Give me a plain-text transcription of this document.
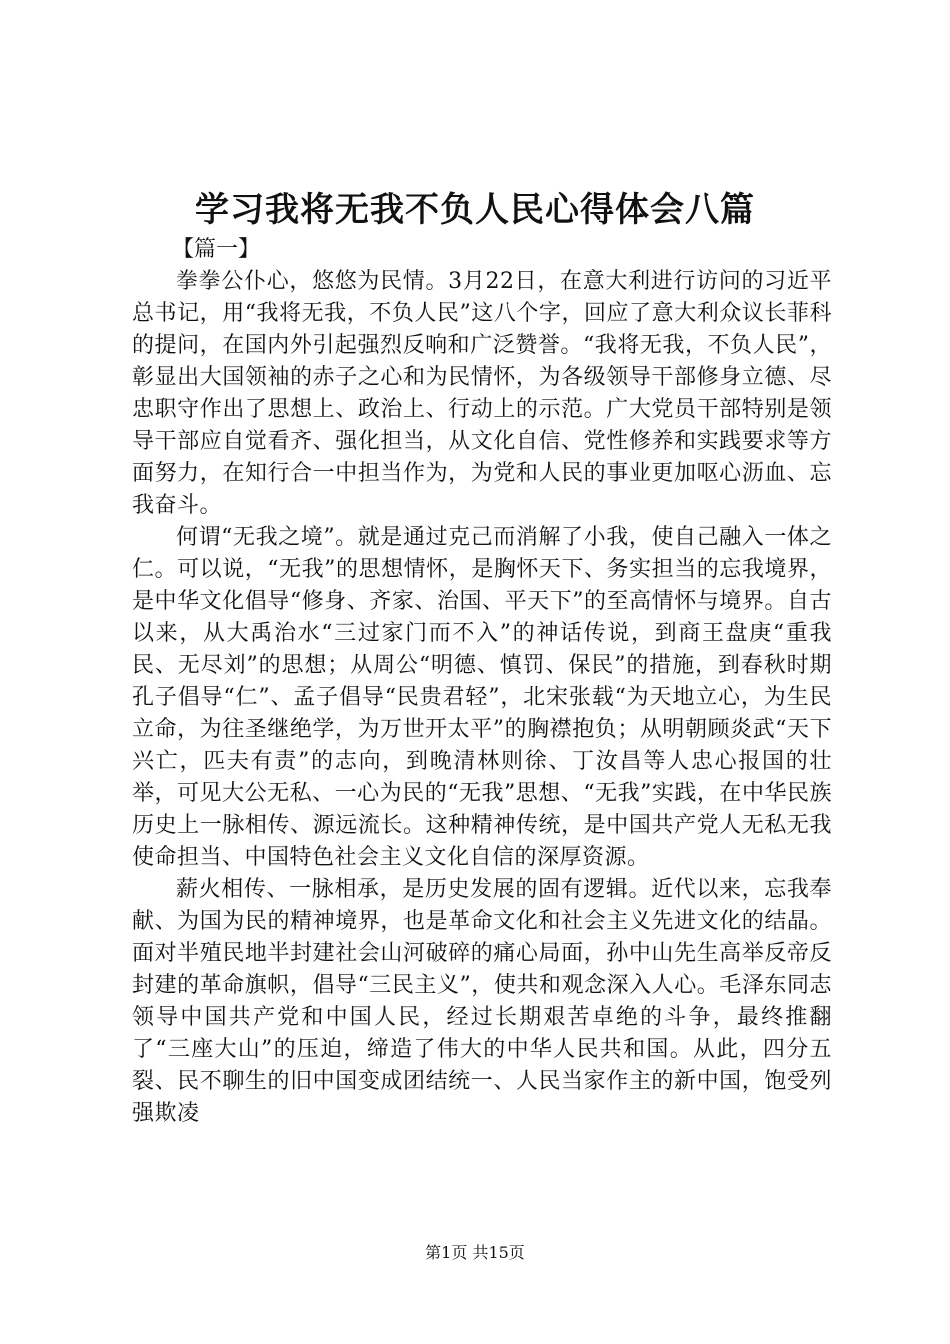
学习我将无我不负人民心得体会八篇

【篇一】

拳拳公仆心，悠悠为民情。3月22日，在意大利进行访问的习近平总书记，用“我将无我，不负人民”这八个字，回应了意大利众议长菲科的提问，在国内外引起强烈反响和广泛赞誉。“我将无我，不负人民”，彰显出大国领袖的赤子之心和为民情怀，为各级领导干部修身立德、尽忠职守作出了思想上、政治上、行动上的示范。广大党员干部特别是领导干部应自觉看齐、强化担当，从文化自信、党性修养和实践要求等方面努力，在知行合一中担当作为，为党和人民的事业更加呕心沥血、忘我奋斗。

何谓“无我之境”。就是通过克己而消解了小我，使自己融入一体之仁。可以说，“无我”的思想情怀，是胸怀天下、务实担当的忘我境界，是中华文化倡导“修身、齐家、治国、平天下”的至高情怀与境界。自古以来，从大禹治水“三过家门而不入”的神话传说，到商王盘庚“重我民、无尽刘”的思想；从周公“明德、慎罚、保民”的措施，到春秋时期孔子倡导“仁”、孟子倡导“民贵君轻”，北宋张载“为天地立心，为生民立命，为往圣继绝学，为万世开太平”的胸襟抱负；从明朝顾炎武“天下兴亡，匹夫有责”的志向，到晚清林则徐、丁汝昌等人忠心报国的壮举，可见大公无私、一心为民的“无我”思想、“无我”实践，在中华民族历史上一脉相传、源远流长。这种精神传统，是中国共产党人无私无我使命担当、中国特色社会主义文化自信的深厚资源。

薪火相传、一脉相承，是历史发展的固有逻辑。近代以来，忘我奉献、为国为民的精神境界，也是革命文化和社会主义先进文化的结晶。面对半殖民地半封建社会山河破碎的痛心局面，孙中山先生高举反帝反封建的革命旗帜，倡导“三民主义”，使共和观念深入人心。毛泽东同志领导中国共产党和中国人民，经过长期艰苦卓绝的斗争，最终推翻了“三座大山”的压迫，缔造了伟大的中华人民共和国。从此，四分五裂、民不聊生的旧中国变成团结统一、人民当家作主的新中国，饱受列强欺凌

第1页 共15页
